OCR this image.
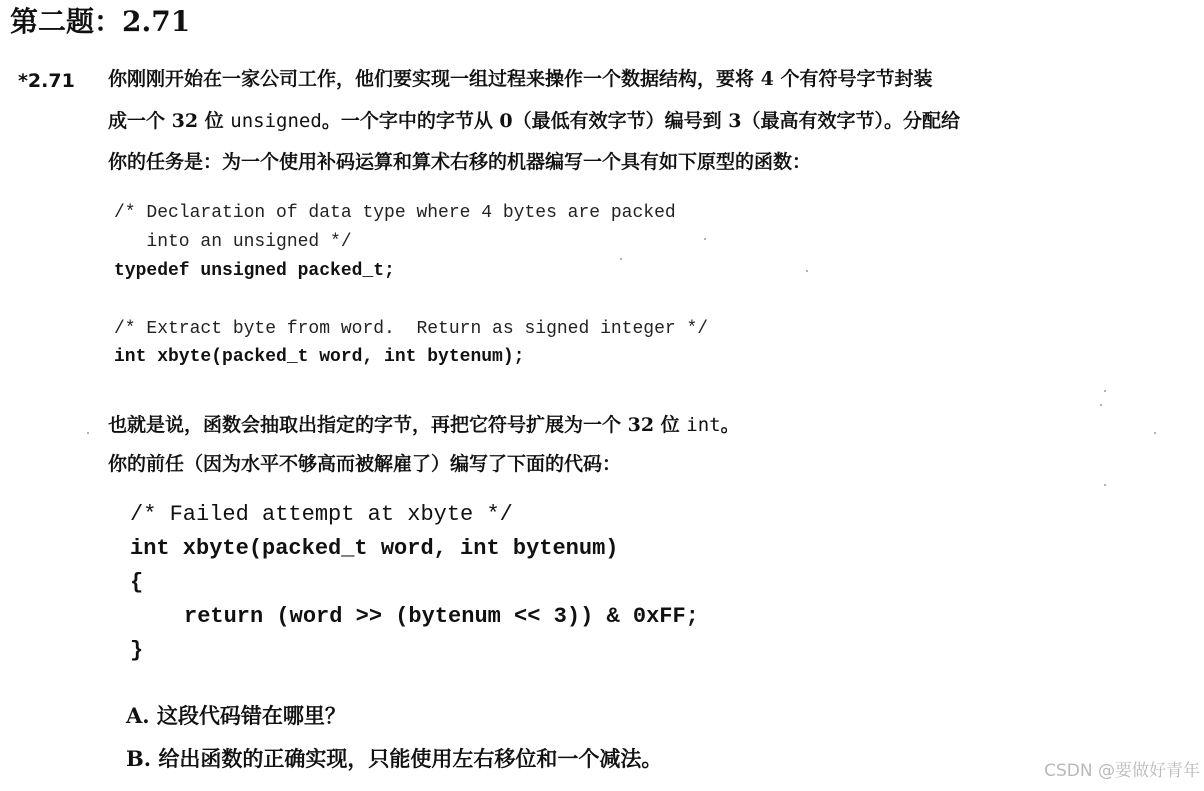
第二题：2.71
*2.71 你刚刚开始在一家公司工作，他们要实现一组过程来操作一个数据结构，要将 4 个有符号字节封装
成一个 32 位 unsigned。一个字中的字节从 0（最低有效字节）编号到 3（最高有效字节）。分配给
你的任务是：为一个使用补码运算和算术右移的机器编写一个具有如下原型的函数：
/* Declaration of data type where 4 bytes are packed
into an unsigned */
typedef unsigned packed_t;
/* Extract byte from word.  Return as signed integer */
int xbyte(packed_t word, int bytenum);
也就是说，函数会抽取出指定的字节，再把它符号扩展为一个 32 位 int。
你的前任（因为水平不够高而被解雇了）编写了下面的代码：
/* Failed attempt at xbyte */
int xbyte(packed_t word, int bytenum)
{
return (word >> (bytenum << 3)) & 0xFF;
}
A. 这段代码错在哪里？
B. 给出函数的正确实现，只能使用左右移位和一个减法。	CSDN @要做好青年
